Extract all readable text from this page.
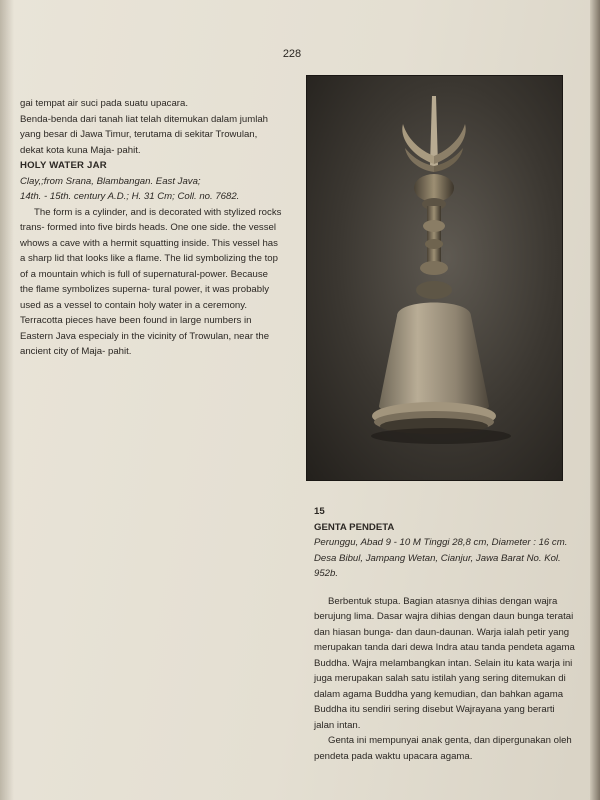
228

gai tempat air suci pada suatu upacara.

Benda-benda dari tanah liat telah ditemukan dalam jumlah yang besar di Jawa Timur, terutama di sekitar Trowulan, dekat kota kuna Maja- pahit.

HOLY WATER JAR

Clay,;from Srana, Blambangan. East Java;

14th. - 15th. century A.D.; H. 31 Cm; Coll. no. 7682.

The form is a cylinder, and is decorated with stylized rocks trans- formed into five birds heads. One one side. the vessel whows a cave with a hermit squatting inside. This vessel has a sharp lid that looks like a flame. The lid symbolizing the top of a mountain which is full of supernatural-power. Because the flame symbolizes superna- tural power, it was probably used as a vessel to contain holy water in a ceremony.

Terracotta pieces have been found in large numbers in Eastern Java especialy in the vicinity of Trowulan, near the ancient city of Maja- pahit.

15

GENTA PENDETA

Perunggu, Abad 9 - 10 M Tinggi 28,8 cm, Diameter : 16 cm.

Desa Bibul, Jampang Wetan, Cianjur, Jawa Barat No. Kol. 952b.

Berbentuk stupa. Bagian atasnya dihias dengan wajra berujung lima. Dasar wajra dihias dengan daun bunga teratai dan hiasan bunga- dan daun-daunan. Warja ialah petir yang merupakan tanda dari dewa Indra atau tanda pendeta agama Buddha. Wajra melambangkan intan. Selain itu kata warja ini juga merupakan salah satu istilah yang sering ditemukan di dalam agama Buddha yang kemudian, dan bahkan agama Buddha itu sendiri sering disebut Wajrayana yang berarti jalan intan.

Genta ini mempunyai anak genta, dan dipergunakan oleh pendeta pada waktu upacara agama.
